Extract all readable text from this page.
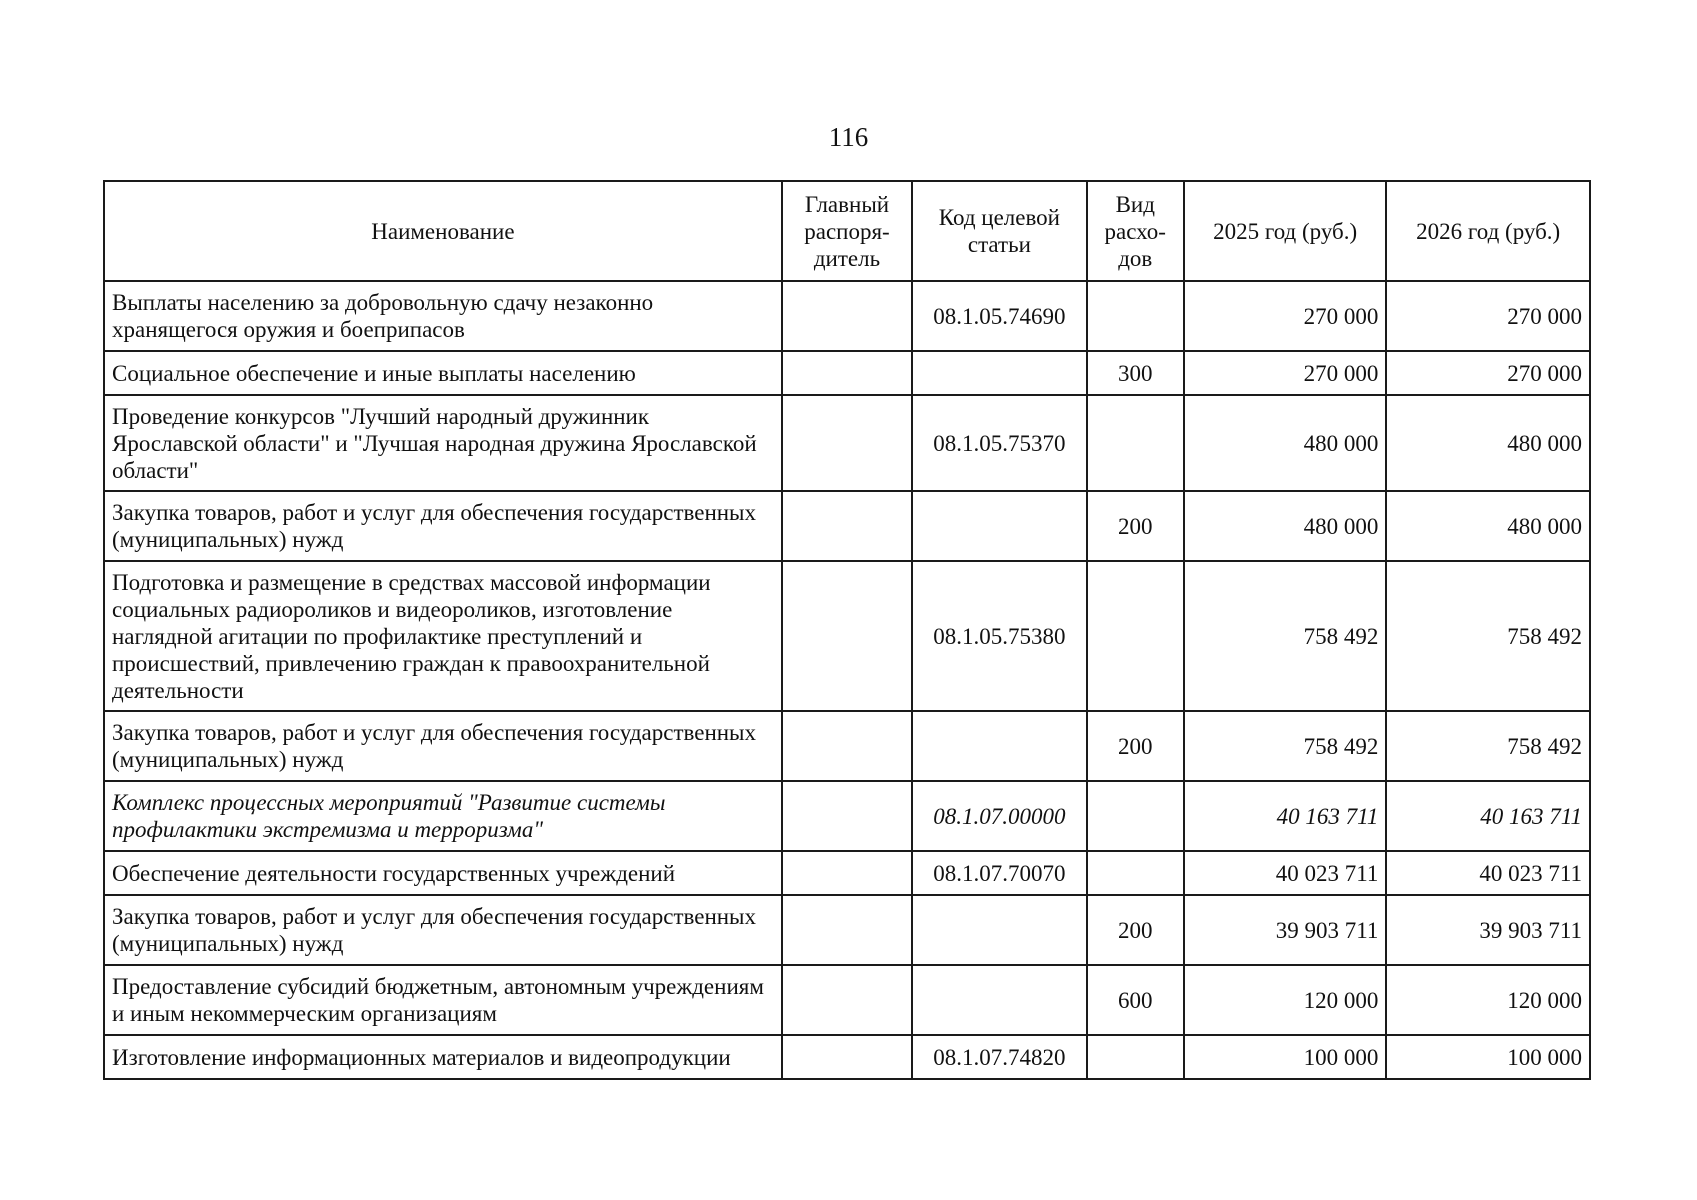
116
Наименование	Главный распоря-дитель	Код целевой статьи	Вид расхо-дов	2025 год (руб.)	2026 год (руб.)
Выплаты населению за добровольную сдачу незаконно хранящегося оружия и боеприпасов		08.1.05.74690		270 000	270 000
Социальное обеспечение и иные выплаты населению			300	270 000	270 000
Проведение конкурсов "Лучший народный дружинник Ярославской области" и "Лучшая народная дружина Ярославской области"		08.1.05.75370		480 000	480 000
Закупка товаров, работ и услуг для обеспечения государственных (муниципальных) нужд			200	480 000	480 000
Подготовка и размещение в средствах массовой информации социальных радиороликов и видеороликов, изготовление наглядной агитации по профилактике преступлений и происшествий, привлечению граждан к правоохранительной деятельности		08.1.05.75380		758 492	758 492
Закупка товаров, работ и услуг для обеспечения государственных (муниципальных) нужд			200	758 492	758 492
Комплекс процессных мероприятий "Развитие системы профилактики экстремизма и терроризма"		08.1.07.00000		40 163 711	40 163 711
Обеспечение деятельности государственных учреждений		08.1.07.70070		40 023 711	40 023 711
Закупка товаров, работ и услуг для обеспечения государственных (муниципальных) нужд			200	39 903 711	39 903 711
Предоставление субсидий бюджетным, автономным учреждениям и иным некоммерческим организациям			600	120 000	120 000
Изготовление информационных материалов и видеопродукции		08.1.07.74820		100 000	100 000
